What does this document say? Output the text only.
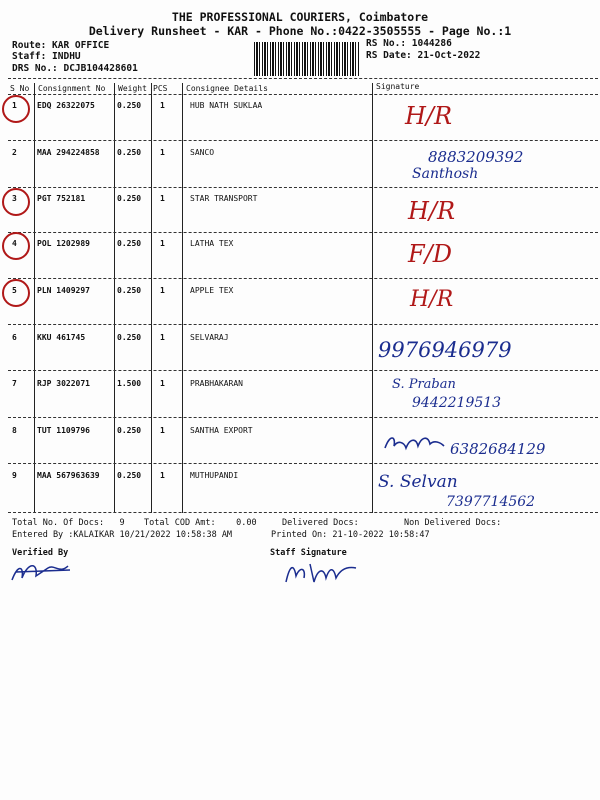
THE PROFESSIONAL COURIERS, Coimbatore
Delivery Runsheet - KAR - Phone No.:0422-3505555 - Page No.:1
Route: KAR OFFICE
Staff: INDHU
DRS No.: DCJB104428601
RS No.: 1044286
RS Date: 21-Oct-2022
S No Consignment No Weight PCS Consignee Details	Signature
1	EDQ 26322075	0.250 1	HUB NATH SUKLAA	H/R
2	MAA 294224858 0.250 1	SANCO	8883209392
Santhosh
3	PGT 752181	0.250 1	STAR TRANSPORT	H/R
4	POL 1202989	0.250 1	LATHA TEX	F/D
5	PLN 1409297	0.250 1	APPLE TEX	H/R
6	KKU 461745	0.250 1	SELVARAJ
9976946979
7	RJP 3022071	1.500 1	PRABHAKARAN	S. Praban
9442219513
8	TUT 1109796	0.250 1	SANTHA EXPORT
6382684129
9	MAA 567963639 0.250 1	MUTHUPANDI	S. Selvan
7397714562
Total No. Of Docs:   9 Total COD Amt:    0.00	Delivered Docs:	Non Delivered Docs:
Entered By :KALAIKAR 10/21/2022 10:58:38 AM	Printed On: 21-10-2022 10:58:47
Verified By	Staff Signature
